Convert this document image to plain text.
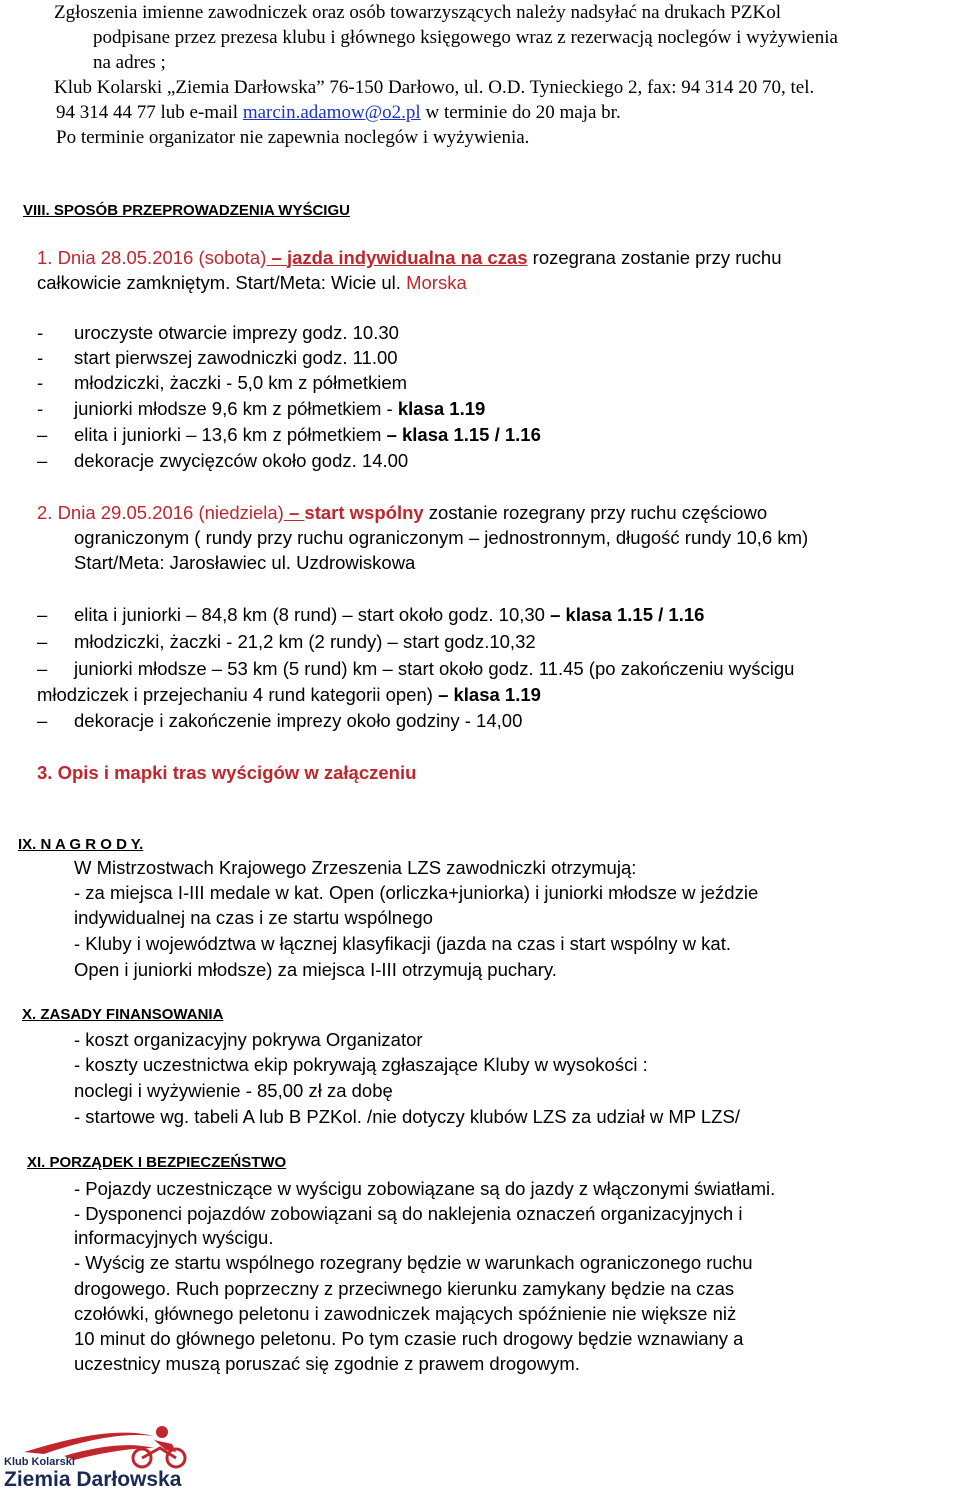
Zgłoszenia imienne zawodniczek oraz osób towarzyszących należy nadsyłać na drukach PZKol
podpisane przez prezesa klubu i głównego księgowego wraz z rezerwacją noclegów i wyżywienia
na adres ;
Klub Kolarski „Ziemia Darłowska” 76-150 Darłowo, ul. O.D. Tynieckiego 2, fax: 94 314 20 70, tel.
94 314 44 77 lub e-mail marcin.adamow@o2.pl w terminie do 20 maja br.
Po terminie organizator nie zapewnia noclegów i wyżywienia.
VIII. SPOSÓB PRZEPROWADZENIA WYŚCIGU
1. Dnia 28.05.2016 (sobota) – jazda indywidualna na czas rozegrana zostanie przy ruchu
całkowicie zamkniętym. Start/Meta: Wicie ul. Morska
- uroczyste otwarcie imprezy godz. 10.30
- start pierwszej zawodniczki godz. 11.00
- młodziczki, żaczki - 5,0 km z półmetkiem
- juniorki młodsze 9,6 km z półmetkiem - klasa 1.19
– elita i juniorki – 13,6 km z półmetkiem – klasa 1.15 / 1.16
– dekoracje zwycięzców około godz. 14.00
2. Dnia 29.05.2016 (niedziela) – start wspólny zostanie rozegrany przy ruchu częściowo
ograniczonym ( rundy przy ruchu ograniczonym – jednostronnym, długość rundy 10,6 km)
Start/Meta: Jarosławiec ul. Uzdrowiskowa
– elita i juniorki – 84,8 km (8 rund) – start około godz. 10,30 – klasa 1.15 / 1.16
– młodziczki, żaczki - 21,2 km (2 rundy) – start godz.10,32
– juniorki młodsze – 53 km (5 rund) km – start około godz. 11.45 (po zakończeniu wyścigu
młodziczek i przejechaniu 4 rund kategorii open) – klasa 1.19
– dekoracje i zakończenie imprezy około godziny - 14,00
3. Opis i mapki tras wyścigów w załączeniu
IX. N A G R O D Y.
W Mistrzostwach Krajowego Zrzeszenia LZS zawodniczki otrzymują:
- za miejsca I-III medale w kat. Open (orliczka+juniorka) i juniorki młodsze w jeździe
indywidualnej na czas i ze startu wspólnego
- Kluby i województwa w łącznej klasyfikacji (jazda na czas i start wspólny w kat.
Open i juniorki młodsze) za miejsca I-III otrzymują puchary.
X. ZASADY FINANSOWANIA
- koszt organizacyjny pokrywa Organizator
- koszty uczestnictwa ekip pokrywają zgłaszające Kluby w wysokości :
noclegi i wyżywienie - 85,00 zł za dobę
- startowe wg. tabeli A lub B PZKol. /nie dotyczy klubów LZS za udział w MP LZS/
XI. PORZĄDEK I BEZPIECZEŃSTWO
- Pojazdy uczestniczące w wyścigu zobowiązane są do jazdy z włączonymi światłami.
- Dysponenci pojazdów zobowiązani są do naklejenia oznaczeń organizacyjnych i
informacyjnych wyścigu.
- Wyścig ze startu wspólnego rozegrany będzie w warunkach ograniczonego ruchu
drogowego. Ruch poprzeczny z przeciwnego kierunku zamykany będzie na czas
czołówki, głównego peletonu i zawodniczek mających spóźnienie nie większe niż
10 minut do głównego peletonu. Po tym czasie ruch drogowy będzie wznawiany a
uczestnicy muszą poruszać się zgodnie z prawem drogowym.
Klub Kolarski
Ziemia Darłowska
